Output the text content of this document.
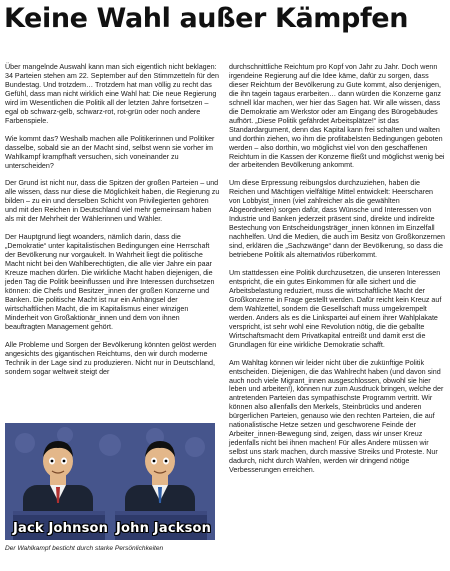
Keine Wahl außer Kämpfen

Über mangelnde Auswahl kann man sich eigentlich nicht beklagen: 34 Parteien stehen am 22. September auf den Stimmzetteln für den Bundestag. Und trotzdem… Trotzdem hat man völlig zu recht das Gefühl, dass man nicht wirklich eine Wahl hat: Die neue Regierung wird im Wesentlichen die Politik all der letzten Jahre fortsetzen – egal ob schwarz-gelb, schwarz-rot, rot-grün oder noch andere Farbenspiele.

Wie kommt das? Weshalb machen alle Politikerinnen und Politiker dasselbe, sobald sie an der Macht sind, selbst wenn sie vorher im Wahlkampf krampfhaft versuchen, sich voneinander zu unterscheiden?

Der Grund ist nicht nur, dass die Spitzen der großen Parteien – und alle wissen, dass nur diese die Möglichkeit haben, die Regierung zu bilden – zu ein und derselben Schicht von Privilegierten gehören und mit den Reichen in Deutschland viel mehr gemeinsam haben als mit der Mehrheit der Wählerinnen und Wähler.

Der Hauptgrund liegt woanders, nämlich darin, dass die „Demokratie“ unter kapitalistischen Bedingungen eine Herrschaft der Bevölkerung nur vorgaukelt. In Wahrheit liegt die politische Macht nicht bei den Wahlberechtigten, die alle vier Jahre ein paar Kreuze machen dürfen. Die wirkliche Macht haben diejenigen, die jeden Tag die Politik beeinflussen und ihre Interessen durchsetzen können: die Chefs und Besitzer_innen der großen Konzerne und Banken. Die politische Macht ist nur ein Anhängsel der wirtschaftlichen Macht, die im Kapitalismus einer winzigen Minderheit von Großaktionär_innen und dem von ihnen beauftragten Management gehört.

Alle Probleme und Sorgen der Bevölkerung könnten gelöst werden angesichts des gigantischen Reichtums, den wir durch moderne Technik in der Lage sind zu produzieren. Nicht nur in Deutschland, sondern sogar weltweit steigt der

durchschnittliche Reichtum pro Kopf von Jahr zu Jahr. Doch wenn irgendeine Regierung auf die Idee käme, dafür zu sorgen, dass dieser Reichtum der Bevölkerung zu Gute kommt, also denjenigen, die ihn tagein tagaus erarbeiten… dann würden die Konzerne ganz schnell klar machen, wer hier das Sagen hat. Wir alle wissen, dass die Demokratie am Werkstor oder am Eingang des Bürogebäudes aufhört. „Diese Politik gefährdet Arbeitsplätze!“ ist das Standardargument, denn das Kapital kann frei schalten und walten und dorthin ziehen, wo ihm die profitabelsten Bedingungen geboten werden – also dorthin, wo möglichst viel von den geschaffenen Reichtum in die Kassen der Konzerne fließt und möglichst wenig bei der arbeitenden Bevölkerung ankommt.

Um diese Erpressung reibungslos durchzuziehen, haben die Reichen und Mächtigen vielfältige Mittel entwickelt: Heerscharen von Lobbyist_innen (viel zahlreicher als die gewählten Abgeordneten) sorgen dafür, dass Wünsche und Interessen von Industrie und Banken jederzeit präsent sind, direkte und indirekte Bestechung von Entscheidungsträger_innen können im Einzelfall nachhelfen. Und die Medien, die auch im Besitz von Großkonzernen sind, erklären die „Sachzwänge“ dann der Bevölkerung, so dass die betriebene Politik als alternativlos rüberkommt.

Um stattdessen eine Politik durchzusetzen, die unseren Interessen entspricht, die ein gutes Einkommen für alle sichert und die Arbeitsbelastung reduziert, muss die wirtschaftliche Macht der Großkonzerne in Frage gestellt werden. Dafür reicht kein Kreuz auf dem Wahlzettel, sondern die Gesellschaft muss umgekrempelt werden. Anders als es die Linkspartei auf einem ihrer Wahlplakate verspricht, ist sehr wohl eine Revolution nötig, die die geballte Wirtschaftsmacht dem Privatkapital entreißt und damit erst die Grundlagen für eine wirkliche Demokratie schafft.

Am Wahltag können wir leider nicht über die zukünftige Politik entscheiden. Diejenigen, die das Wahlrecht haben (und davon sind auch noch viele Migrant_innen ausgeschlossen, obwohl sie hier leben und arbeiten!), können nur zum Ausdruck bringen, welche der antretenden Parteien das sympathischste Programm vertritt. Wir können also allenfalls den Merkels, Steinbrücks und anderen bürgerlichen Parteien, genauso wie den rechten Parteien, die auf nationalistische Hetze setzen und geschworene Feinde der Arbeiter_innen-Bewegung sind, zeigen, dass wir unser Kreuz jedenfalls nicht bei ihnen machen! Für alles Andere müssen wir selbst uns stark machen, durch massive Streiks und Proteste. Nur dadurch, nicht durch Wahlen, werden wir dringend nötige Verbesserungen erreichen.

Jack Johnson John Jackson
Der Wahlkampf besticht durch starke Persönlichkeiten
